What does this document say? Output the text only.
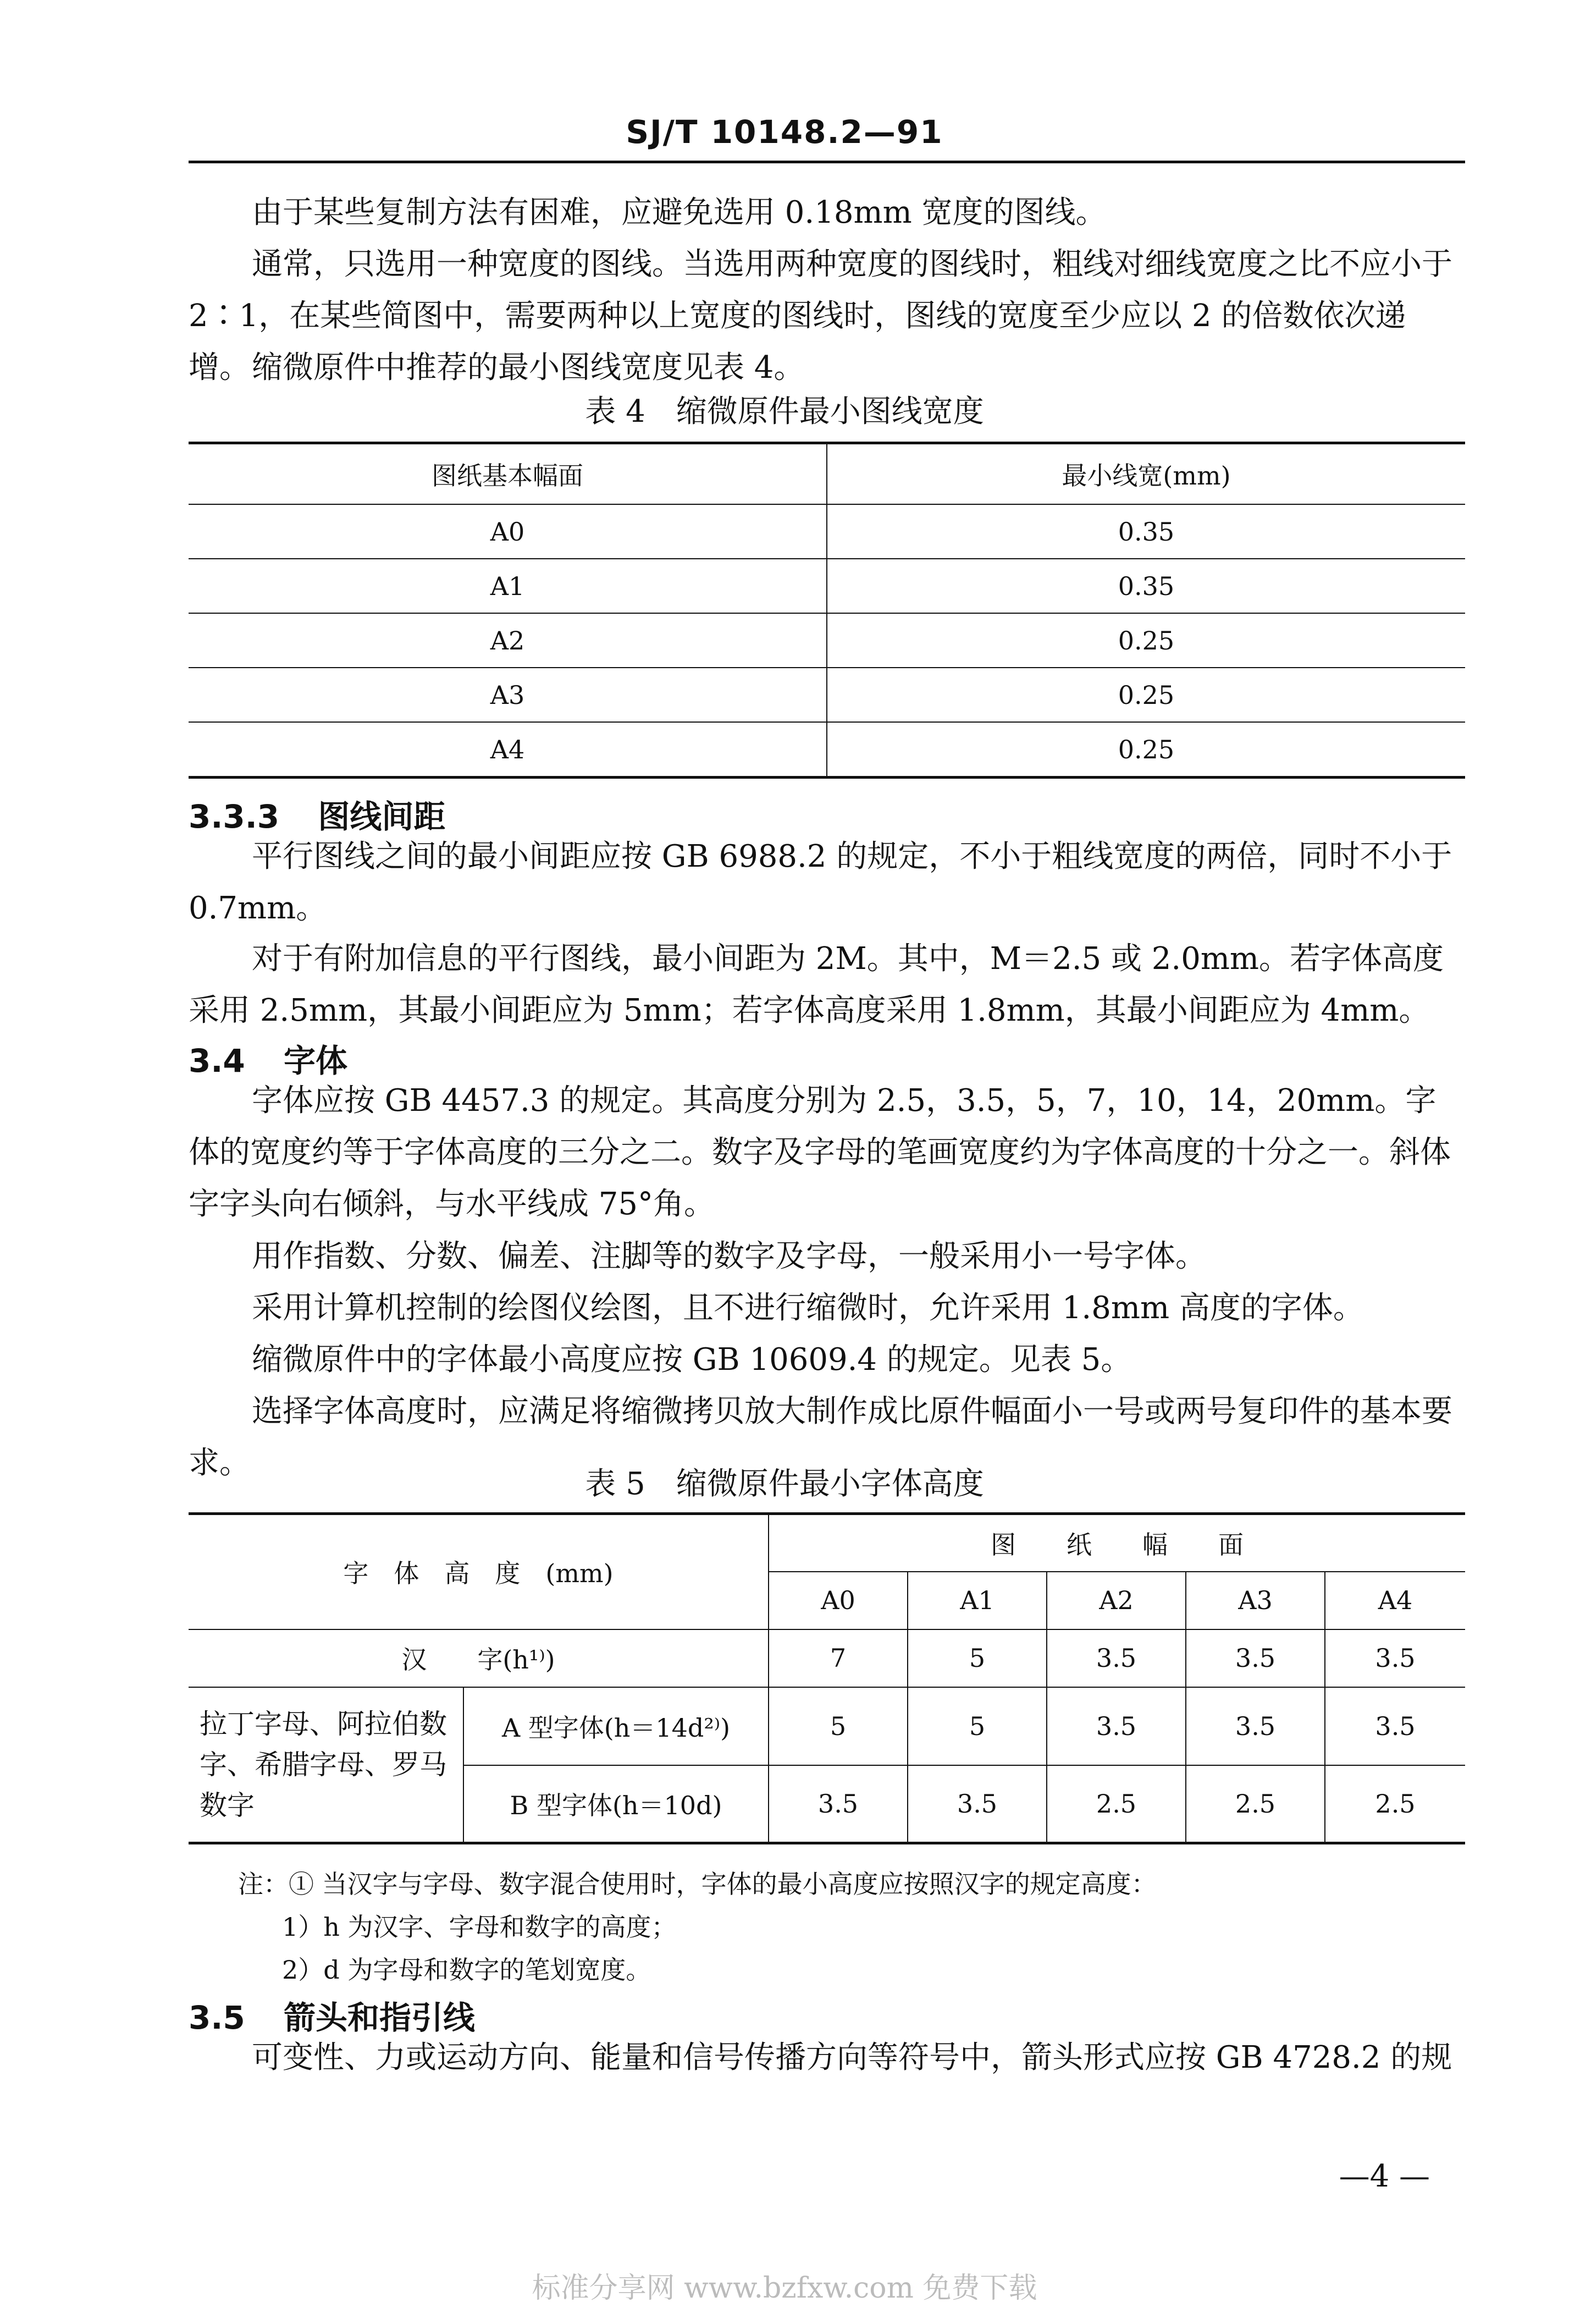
SJ/T 10148.2—91
由于某些复制方法有困难，应避免选用 0.18mm 宽度的图线。
通常，只选用一种宽度的图线。当选用两种宽度的图线时，粗线对细线宽度之比不应小于 2∶1，在某些简图中，需要两种以上宽度的图线时，图线的宽度至少应以 2 的倍数依次递增。 缩微原件中推荐的最小图线宽度见表 4。
表 4　缩微原件最小图线宽度
图纸基本幅面	最小线宽(mm)
A0	0.35
A1	0.35
A2	0.25
A3	0.25
A4	0.25
3.3.3 图线间距
平行图线之间的最小间距应按 GB 6988.2 的规定，不小于粗线宽度的两倍，同时不小于 0.7mm。
对于有附加信息的平行图线，最小间距为 2M。其中，M＝2.5 或 2.0mm。若字体高度采用 2.5mm，其最小间距应为 5mm；若字体高度采用 1.8mm，其最小间距应为 4mm。
3.4 字体
字体应按 GB 4457.3 的规定。其高度分别为 2.5，3.5，5，7，10，14，20mm。字体的宽度约等于字体高度的三分之二。数字及字母的笔画宽度约为字体高度的十分之一。斜体字字头向右倾斜，与水平线成 75°角。
用作指数、分数、偏差、注脚等的数字及字母，一般采用小一号字体。
采用计算机控制的绘图仪绘图，且不进行缩微时，允许采用 1.8mm 高度的字体。
缩微原件中的字体最小高度应按 GB 10609.4 的规定。见表 5。
选择字体高度时，应满足将缩微拷贝放大制作成比原件幅面小一号或两号复印件的基本要求。
表 5　缩微原件最小字体高度
字　体　高　度　(mm)		图　　纸　　幅　　面				
		A0	A1	A2	A3	A4
汉　　字(h¹⁾)		7	5	3.5	3.5	3.5
拉丁字母、阿拉伯数字、希腊字母、罗马数字	A 型字体(h＝14d²⁾)	5	5	3.5	3.5	3.5
	B 型字体(h＝10d)	3.5	3.5	2.5	2.5	2.5
注：① 当汉字与字母、数字混合使用时，字体的最小高度应按照汉字的规定高度：
1）h 为汉字、字母和数字的高度；
2）d 为字母和数字的笔划宽度。
3.5 箭头和指引线
可变性、力或运动方向、能量和信号传播方向等符号中，箭头形式应按 GB 4728.2 的规
—4 —
标准分享网 www.bzfxw.com 免费下载
